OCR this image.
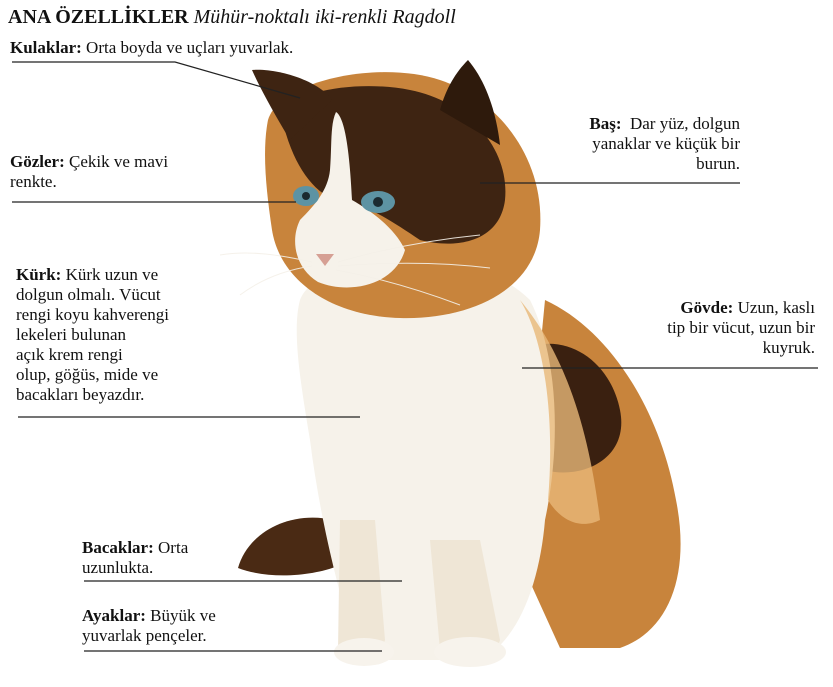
ANA ÖZELLİKLER Mühür-noktalı iki-renkli Ragdoll
Kulaklar: Orta boyda ve uçları yuvarlak.
Baş: Dar yüz, dolgun
yanaklar ve küçük bir
burun.
Gözler: Çekik ve mavi
renkte.
Kürk: Kürk uzun ve
dolgun olmalı. Vücut
rengi koyu kahverengi
lekeleri bulunan
açık krem rengi
olup, göğüs, mide ve
bacakları beyazdır.
Gövde: Uzun, kaslı
tip bir vücut, uzun bir
kuyruk.
Bacaklar: Orta
uzunlukta.
Ayaklar: Büyük ve
yuvarlak pençeler.
